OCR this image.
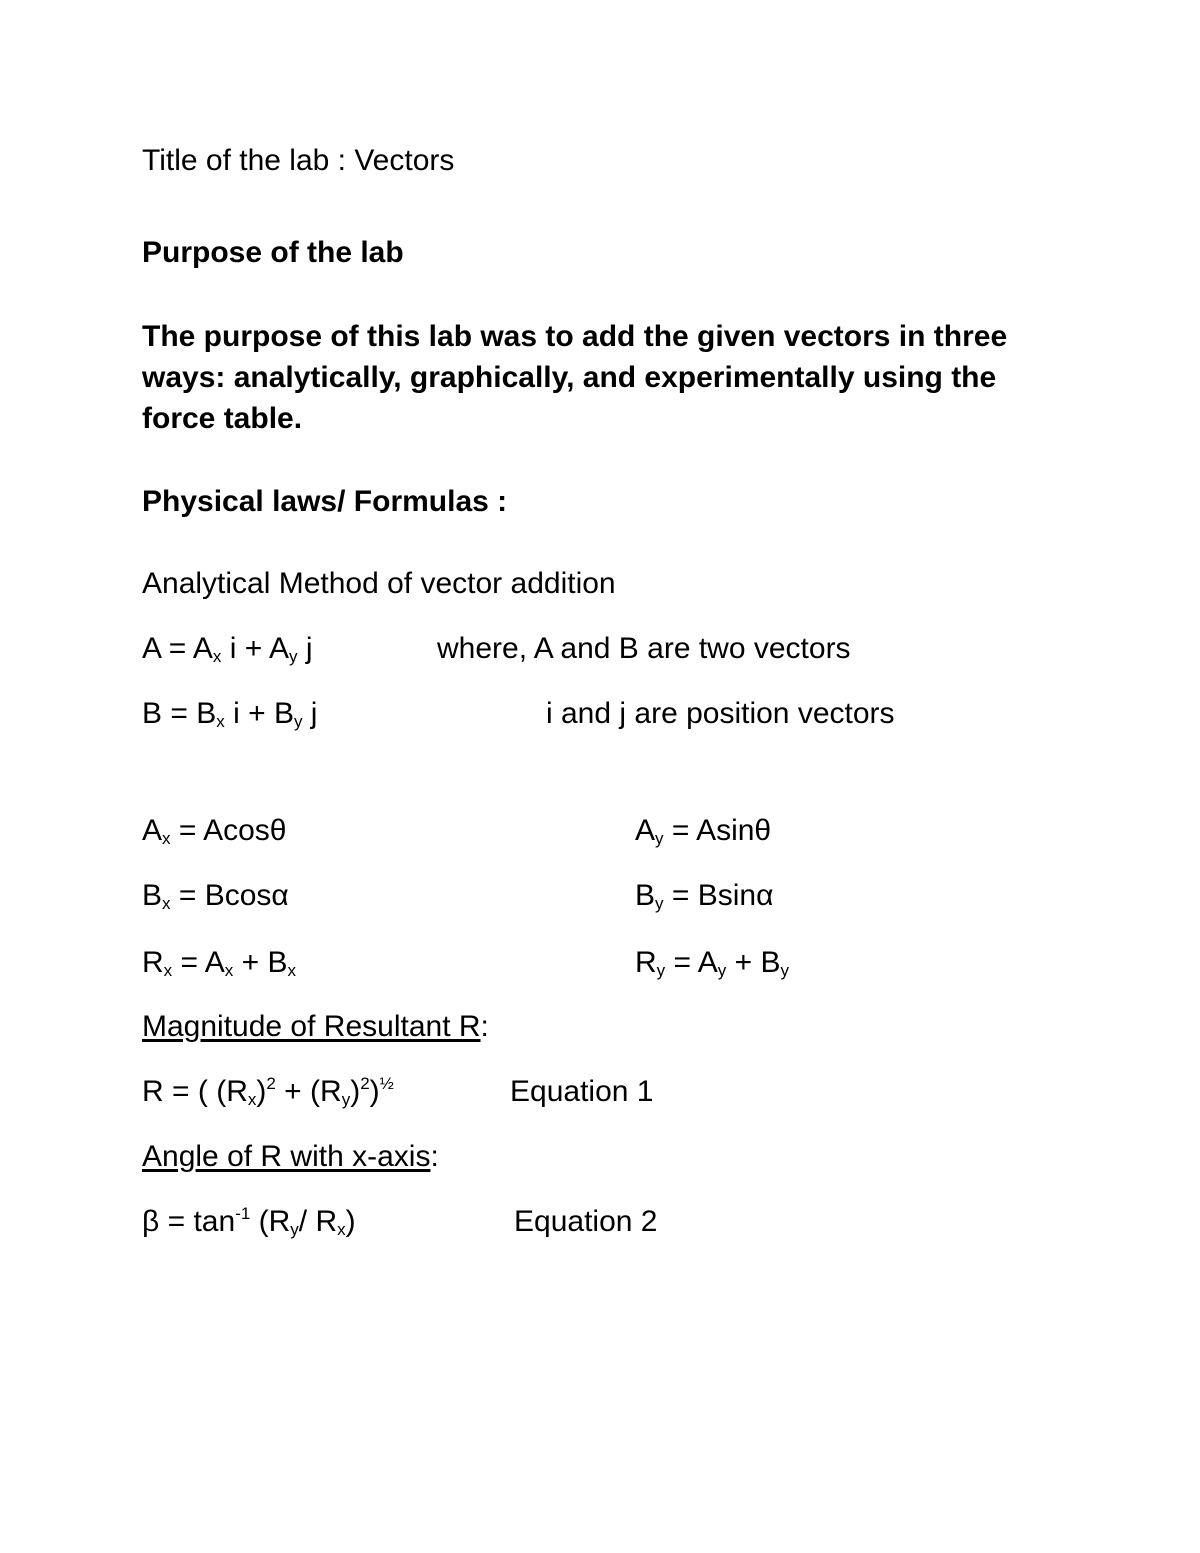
Title of the lab : Vectors
Purpose of the lab
The purpose of this lab was to add the given vectors in three ways: analytically, graphically, and experimentally using the force table.
Physical laws/ Formulas :
Analytical Method of vector addition
A = Ax i + Ay j	where, A and B are two vectors
B = Bx i + By j	i and j are position vectors
Ax = Acosθ	Ay = Asinθ
Bx = Bcosα	By = Bsinα
Rx = Ax + Bx	Ry = Ay + By
Magnitude of Resultant R:
R = ( $(Rx)^2 + (Ry)^2)^{\frac{1}{2}}$	Equation 1
Angle of R with x-axis:
$\beta = \tan^{-1} (Ry/$ Rx)	Equation 2
